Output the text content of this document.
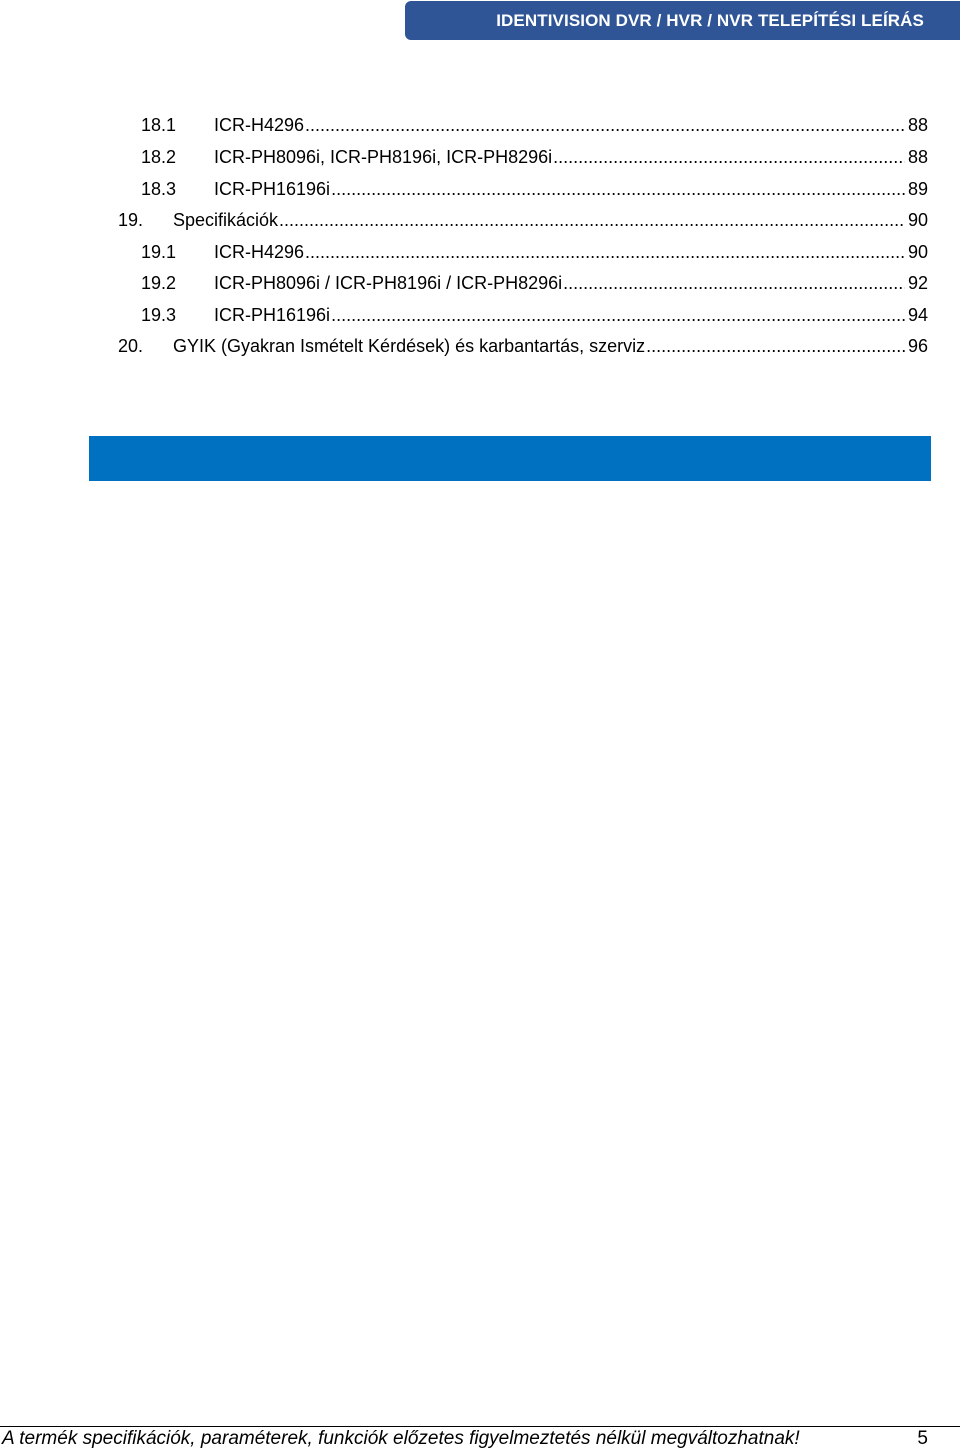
IDENTIVISION DVR / HVR / NVR TELEPÍTÉSI LEÍRÁS
18.1	ICR-H4296 .....	88
18.2	ICR-PH8096i, ICR-PH8196i, ICR-PH8296i .....	88
18.3	ICR-PH16196i .....	89
19.	Specifikációk .....	90
19.1	ICR-H4296 .....	90
19.2	ICR-PH8096i / ICR-PH8196i / ICR-PH8296i .....	92
19.3	ICR-PH16196i .....	94
20.	GYIK (Gyakran Ismételt Kérdések) és karbantartás, szerviz .....	96
A termék specifikációk, paraméterek, funkciók előzetes figyelmeztetés nélkül megváltozhatnak!	5
